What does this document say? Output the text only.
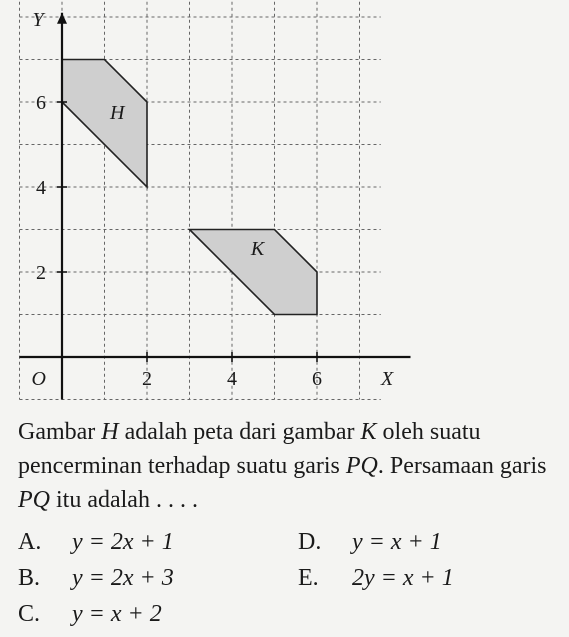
H
K
2	4	6
2
4
6
X
Y
O
Gambar H adalah peta dari gambar K oleh suatu pencerminan terhadap suatu garis PQ. Persamaan garis PQ itu adalah . . . .
A. y = 2x + 1
B. y = 2x + 3
C. y = x + 2
D. y = x + 1
E. 2y = x + 1
